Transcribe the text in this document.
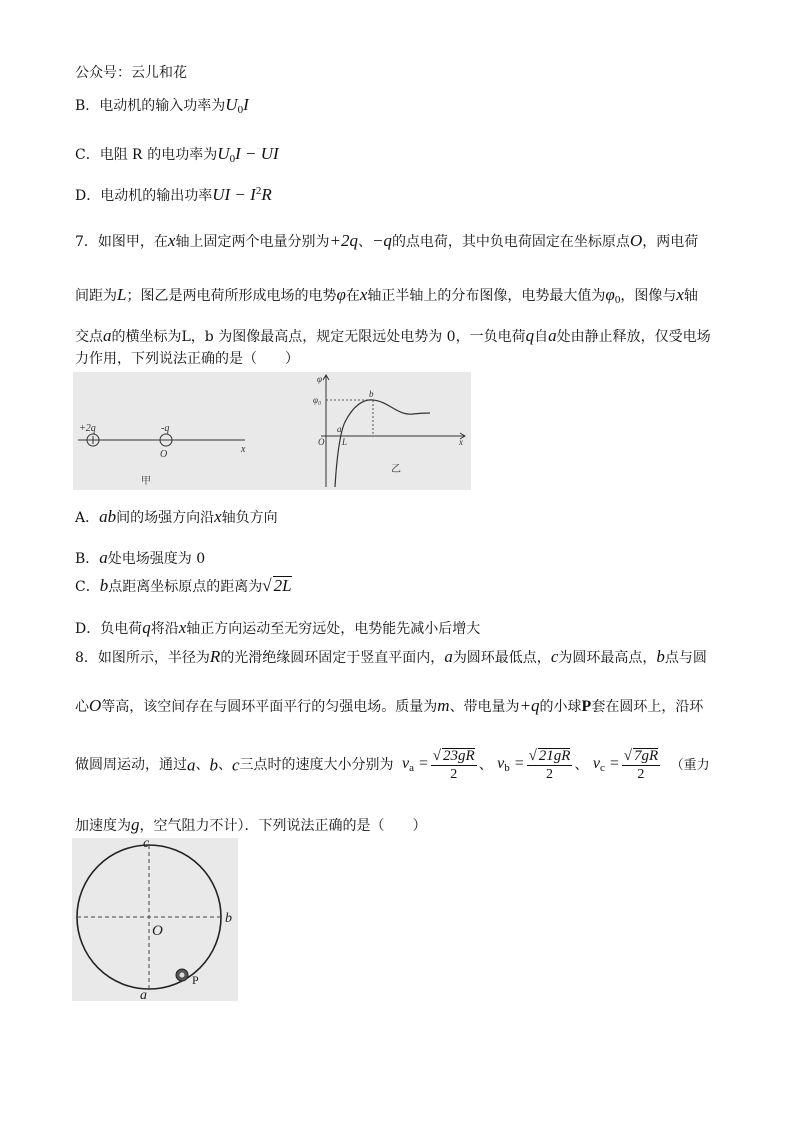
公众号：云儿和花
B．电动机的输入功率为$U_0I$
C．电阻 R 的电功率为$U_0I$ − UI
D．电动机的输出功率UI − $I^2R$
7．如图甲，在x轴上固定两个电量分别为+2q、−q的点电荷，其中负电荷固定在坐标原点O，两电荷
间距为L；图乙是两电荷所形成电场的电势φ在x轴正半轴上的分布图像，电势最大值为$\varphi_0$，图像与x轴
交点a的横坐标为L，b 为图像最高点，规定无限远处电势为 0，一负电荷q自a处由静止释放，仅受电场
力作用，下列说法正确的是（　　）
+2q	-q
O	x
甲
φ
φ₀
b
a
O L	x
乙
A．ab间的场强方向沿x轴负方向
B．a处电场强度为 0
C．b点距离坐标原点的距离为√ 2L
D．负电荷q将沿x轴正方向运动至无穷远处，电势能先减小后增大
8．如图所示，半径为R的光滑绝缘圆环固定于竖直平面内，a为圆环最低点，c为圆环最高点，b点与圆
心O等高，该空间存在与圆环平面平行的匀强电场。质量为m、带电量为+q的小球P套在圆环上，沿环
做圆周运动，通过a、b、c三点时的速度大小分别为 $v_a = \frac{√ 23gR}{2}$ 、 $v_b = \frac{√ 21gR}{2}$ 、 $v_c = \frac{√ 7gR}{2}$ （重力
加速度为g，空气阻力不计）．下列说法正确的是（　　）
c
b
O
a
P
